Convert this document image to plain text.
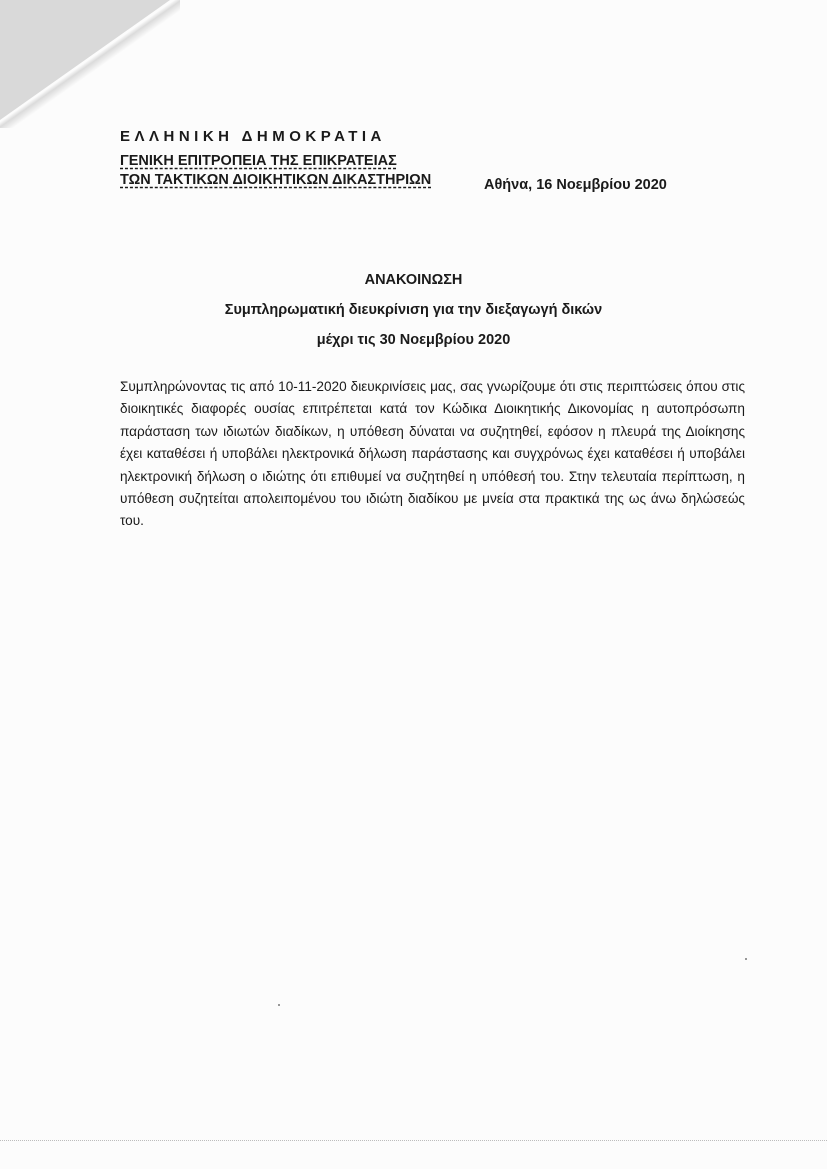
ΕΛΛΗΝΙΚΗ ΔΗΜΟΚΡΑΤΙΑ
ΓΕΝΙΚΗ ΕΠΙΤΡΟΠΕΙΑ ΤΗΣ ΕΠΙΚΡΑΤΕΙΑΣ
ΤΩΝ ΤΑΚΤΙΚΩΝ ΔΙΟΙΚΗΤΙΚΩΝ ΔΙΚΑΣΤΗΡΙΩΝ	Αθήνα, 16 Νοεμβρίου 2020
ΑΝΑΚΟΙΝΩΣΗ
Συμπληρωματική διευκρίνιση για την διεξαγωγή δικών
μέχρι τις 30 Νοεμβρίου 2020
Συμπληρώνοντας τις από 10-11-2020 διευκρινίσεις μας, σας γνωρίζουμε ότι στις περιπτώσεις όπου στις διοικητικές διαφορές ουσίας επιτρέπεται κατά τον Κώδικα Διοικητικής Δικονομίας η αυτοπρόσωπη παράσταση των ιδιωτών διαδίκων, η υπόθεση δύναται να συζητηθεί, εφόσον η πλευρά της Διοίκησης έχει καταθέσει ή υποβάλει ηλεκτρονικά δήλωση παράστασης και συγχρόνως έχει καταθέσει ή υποβάλει ηλεκτρονική δήλωση ο ιδιώτης ότι επιθυμεί να συζητηθεί η υπόθεσή του. Στην τελευταία περίπτωση, η υπόθεση συζητείται απολειπομένου του ιδιώτη διαδίκου με μνεία στα πρακτικά της ως άνω δηλώσεώς του.
